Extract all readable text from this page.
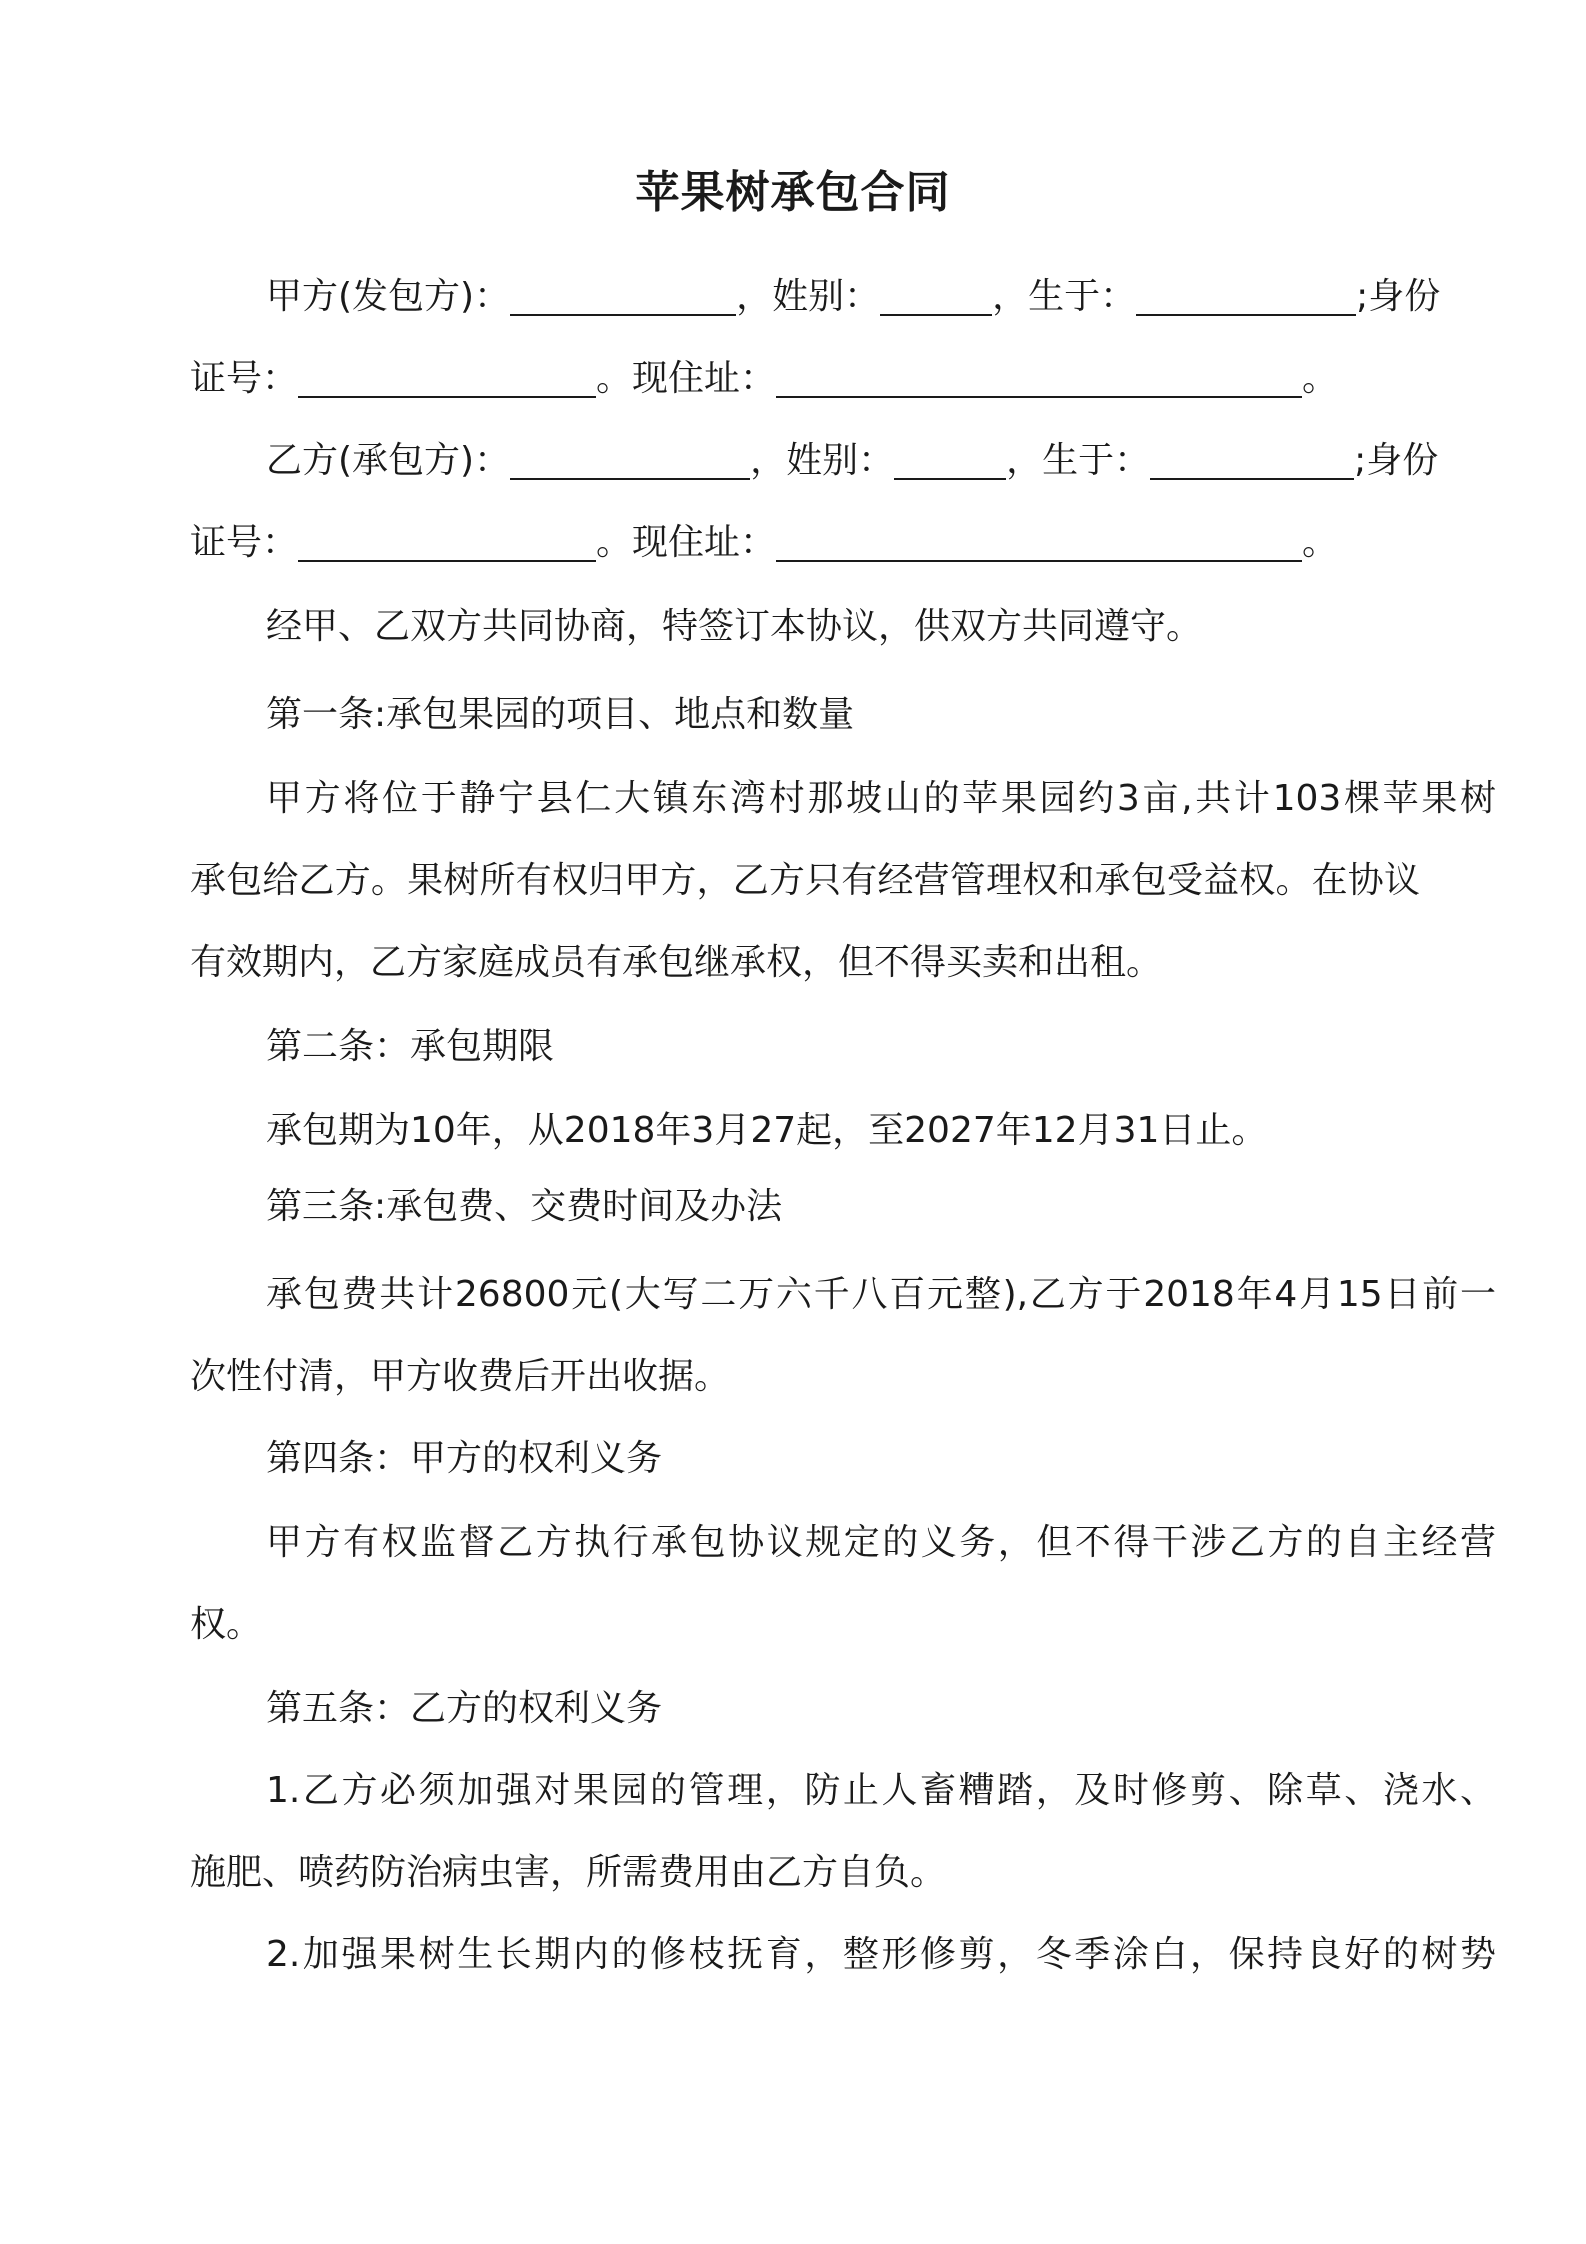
苹果树承包合同
甲方(发包方)：	，姓别：	，生于：	;身份
证号：	。现住址：	。
乙方(承包方)：	，姓别：	，生于：	;身份
证号：	。现住址：	。
经甲、乙双方共同协商，特签订本协议，供双方共同遵守。
第一条:承包果园的项目、地点和数量
甲方将位于静宁县仁大镇东湾村那坡山的苹果园约3亩,共计103棵苹果树
承包给乙方。果树所有权归甲方，乙方只有经营管理权和承包受益权。在协议
有效期内，乙方家庭成员有承包继承权，但不得买卖和出租。
第二条：承包期限
承包期为10年，从2018年3月27起，至2027年12月31日止。
第三条:承包费、交费时间及办法
承包费共计26800元(大写二万六千八百元整),乙方于2018年4月15日前一
次性付清，甲方收费后开出收据。
第四条：甲方的权利义务
甲方有权监督乙方执行承包协议规定的义务，但不得干涉乙方的自主经营
权。
第五条：乙方的权利义务
1.乙方必须加强对果园的管理，防止人畜糟踏，及时修剪、除草、浇水、
施肥、喷药防治病虫害，所需费用由乙方自负。
2.加强果树生长期内的修枝抚育，整形修剪，冬季涂白，保持良好的树势
